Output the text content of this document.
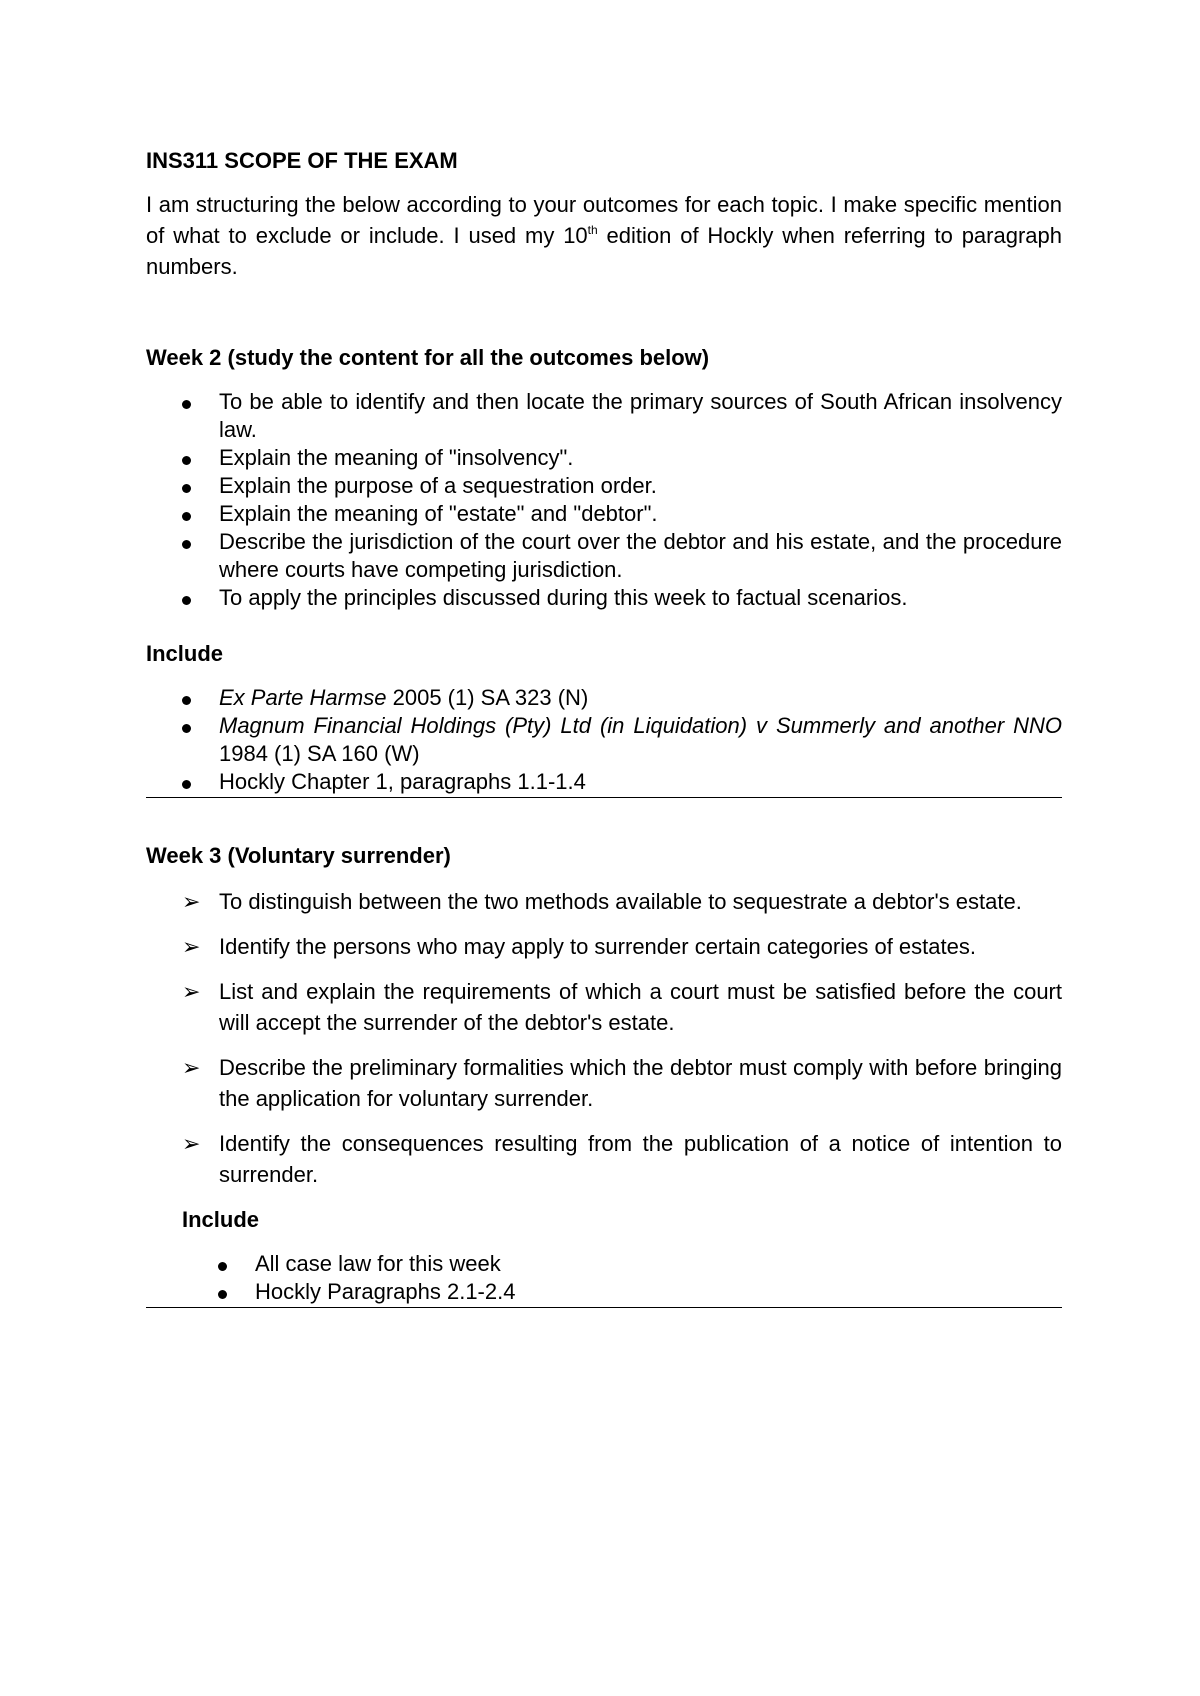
INS311 SCOPE OF THE EXAM

I am structuring the below according to your outcomes for each topic. I make specific mention of what to exclude or include. I used my 10th edition of Hockly when referring to paragraph numbers.

Week 2 (study the content for all the outcomes below)

To be able to identify and then locate the primary sources of South African insolvency law.
Explain the meaning of "insolvency".
Explain the purpose of a sequestration order.
Explain the meaning of "estate" and "debtor".
Describe the jurisdiction of the court over the debtor and his estate, and the procedure where courts have competing jurisdiction.
To apply the principles discussed during this week to factual scenarios.

Include

Ex Parte Harmse 2005 (1) SA 323 (N)
Magnum Financial Holdings (Pty) Ltd (in Liquidation) v Summerly and another NNO 1984 (1) SA 160 (W)
Hockly Chapter 1, paragraphs 1.1-1.4

Week 3 (Voluntary surrender)

➢ To distinguish between the two methods available to sequestrate a debtor's estate.
➢ Identify the persons who may apply to surrender certain categories of estates.
➢ List and explain the requirements of which a court must be satisfied before the court will accept the surrender of the debtor's estate.
➢ Describe the preliminary formalities which the debtor must comply with before bringing the application for voluntary surrender.
➢ Identify the consequences resulting from the publication of a notice of intention to surrender.

Include

All case law for this week
Hockly Paragraphs 2.1-2.4
